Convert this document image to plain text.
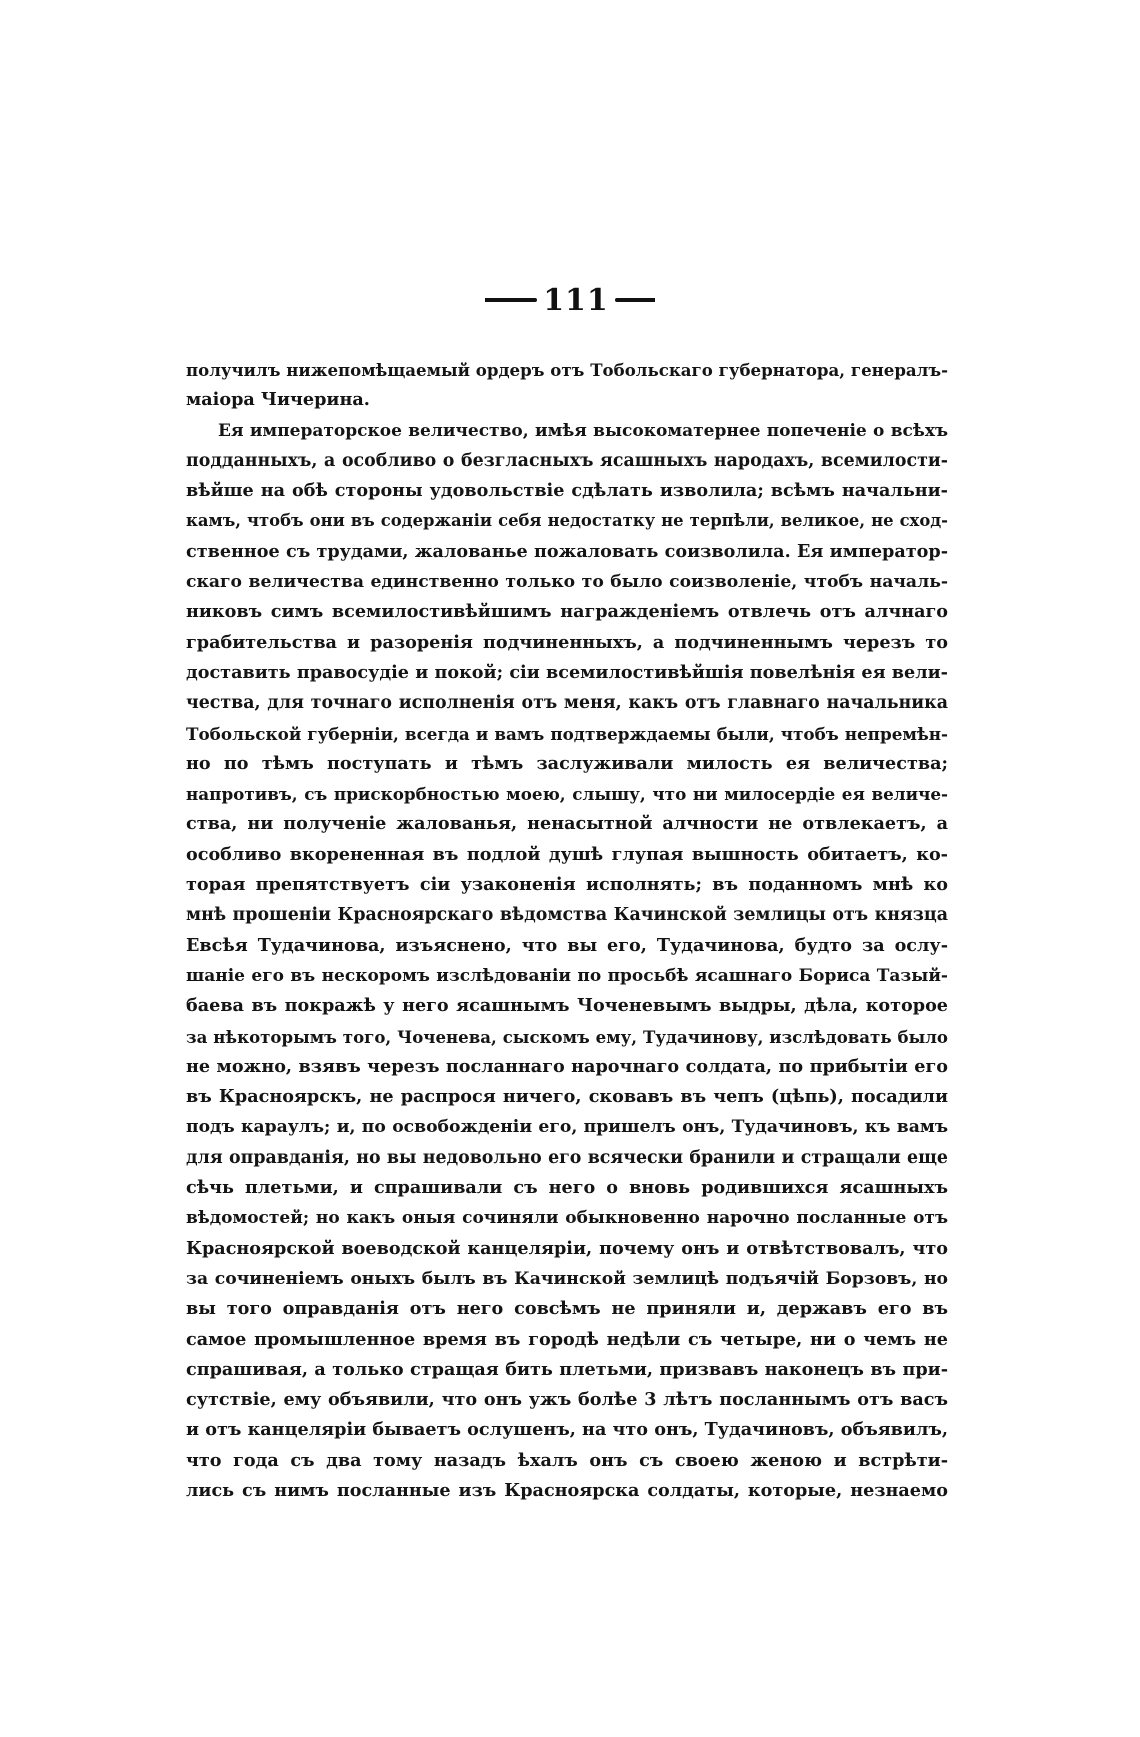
111
получилъ нижепомѣщаемый ордеръ отъ Тобольскаго губернатора, генералъ-
маiора Чичерина.
Ея императорское величество, имѣя высокоматернее попеченiе о всѣхъ
подданныхъ, а особливо о безгласныхъ ясашныхъ народахъ, всемилости-
вѣйше на обѣ стороны удовольствiе сдѣлать изволила; всѣмъ начальни-
камъ, чтобъ они въ содержанiи себя недостатку не терпѣли, великое, не сход-
ственное съ трудами, жалованье пожаловать соизволила. Ея император-
скаго величества единственно только то было соизволенiе, чтобъ началь-
никовъ симъ всемилостивѣйшимъ награжденiемъ отвлечь отъ алчнаго
грабительства и разоренiя подчиненныхъ, а подчиненнымъ черезъ то
доставить правосудiе и покой; сiи всемилостивѣйшiя повелѣнiя ея вели-
чества, для точнаго исполненiя отъ меня, какъ отъ главнаго начальника
Тобольской губернiи, всегда и вамъ подтверждаемы были, чтобъ непремѣн-
но по тѣмъ поступать и тѣмъ заслуживали милость ея величества;
напротивъ, съ прискорбностью моею, слышу, что ни милосердiе ея величе-
ства, ни полученiе жалованья, ненасытной алчности не отвлекаетъ, а
особливо вкорененная въ подлой душѣ глупая вышность обитаетъ, ко-
торая препятствуетъ сiи узаконенiя исполнять; въ поданномъ мнѣ ко
мнѣ прошенiи Красноярскаго вѣдомства Качинской землицы отъ князца
Евсѣя Тудачинова, изъяснено, что вы его, Тудачинова, будто за ослу-
шанiе его въ нескоромъ изслѣдованiи по просьбѣ ясашнаго Бориса Тазый-
баева въ покражѣ у него ясашнымъ Чоченевымъ выдры, дѣла, которое
за нѣкоторымъ того, Чоченева, сыскомъ ему, Тудачинову, изслѣдовать было
не можно, взявъ черезъ посланнаго нарочнаго солдата, по прибытiи его
въ Красноярскъ, не распрося ничего, сковавъ въ чепъ (цѣпь), посадили
подъ караулъ; и, по освобожденiи его, пришелъ онъ, Тудачиновъ, къ вамъ
для оправданiя, но вы недовольно его всячески бранили и стращали еще
сѣчь плетьми, и спрашивали съ него о вновь родившихся ясашныхъ
вѣдомостей; но какъ оныя сочиняли обыкновенно нарочно посланные отъ
Красноярской воеводской канцелярiи, почему онъ и отвѣтствовалъ, что
за сочиненiемъ оныхъ былъ въ Качинской землицѣ подъячiй Борзовъ, но
вы того оправданiя отъ него совсѣмъ не приняли и, державъ его въ
самое промышленное время въ городѣ недѣли съ четыре, ни о чемъ не
спрашивая, а только стращая бить плетьми, призвавъ наконецъ въ при-
сутствiе, ему объявили, что онъ ужъ болѣе 3 лѣтъ посланнымъ отъ васъ
и отъ канцелярiи бываетъ ослушенъ, на что онъ, Тудачиновъ, объявилъ,
что года съ два тому назадъ ѣхалъ онъ съ своею женою и встрѣти-
лись съ нимъ посланные изъ Красноярска солдаты, которые, незнаемо
